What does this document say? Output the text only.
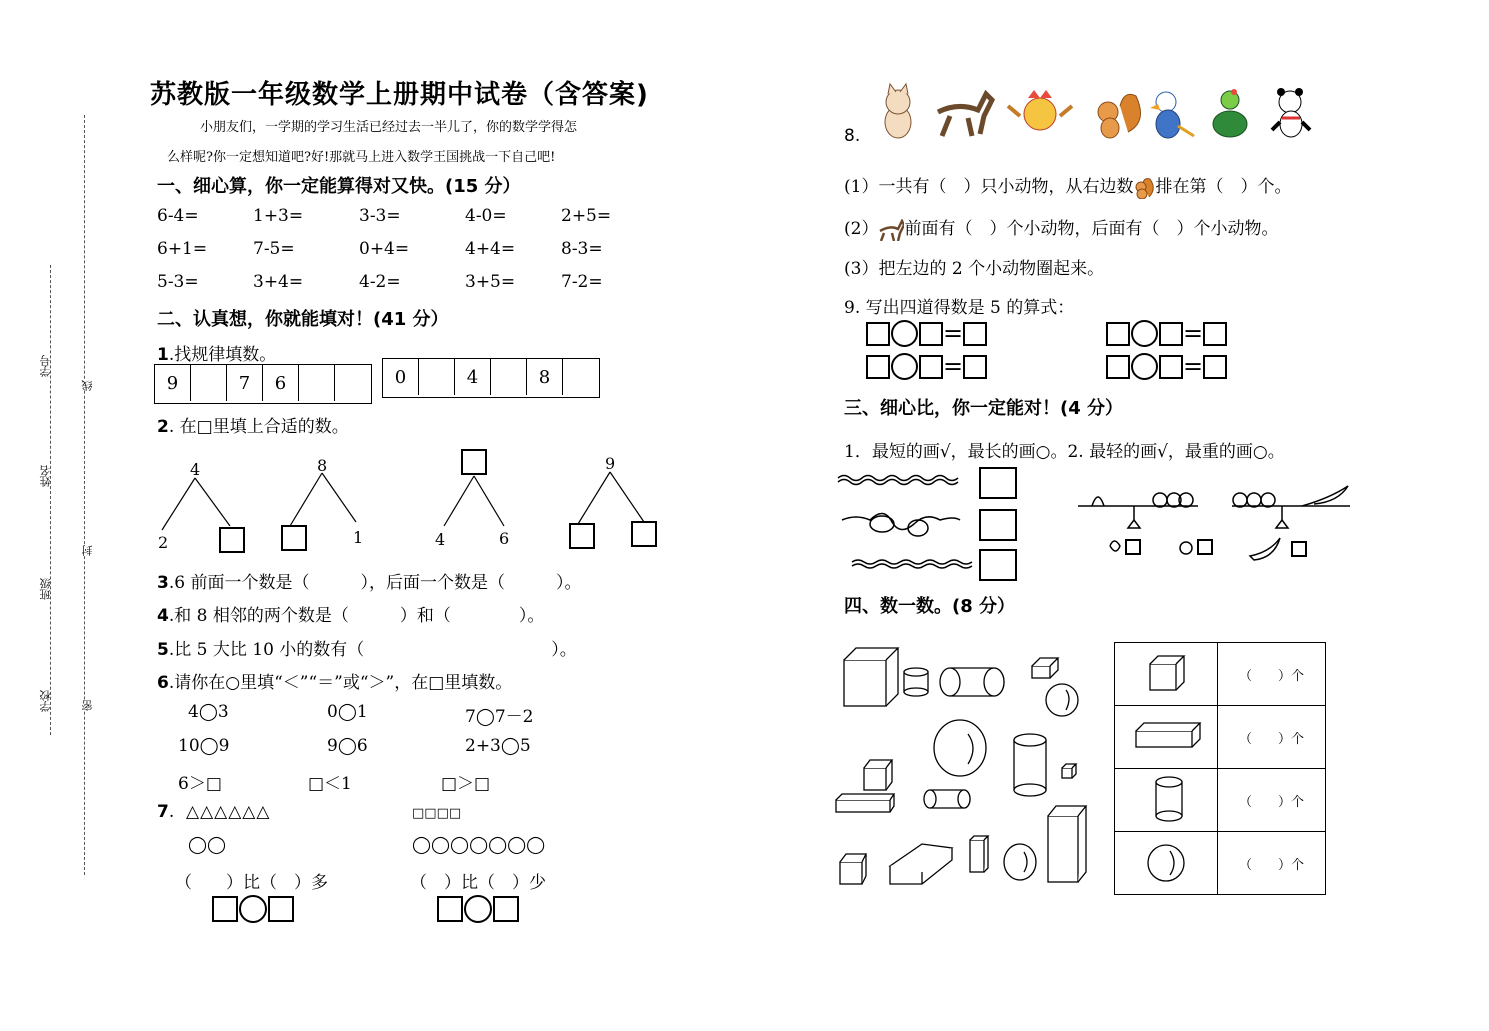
学号
姓名
班级
学校
线
封
密
苏教版一年级数学上册期中试卷（含答案)
小朋友们，一学期的学习生活已经过去一半儿了，你的数学学得怎
么样呢?你一定想知道吧?好!那就马上进入数学王国挑战一下自己吧!
一、细心算，你一定能算得对又快。(15 分）
6-4=	1+3=	3-3=	4-0=	2+5=
6+1=	7-5=	0+4=	4+4=	8-3=
5-3=	3+4=	4-2=	3+5=	7-2=
二、认真想，你就能填对！(41 分）
1.找规律填数。
9	7	6	0	4	8
2. 在□里填上合适的数。
4
2
8
1	4	6
9
3.6 前面一个数是（　　　），后面一个数是（　　　）。
4.和 8 相邻的两个数是（　　　）和（　　　　）。
5.比 5 大比 10 小的数有（　　　　　　　　　　　）。
6.请你在○里填“＜”“＝”或“＞”，在□里填数。
4◯3	0◯1	7◯7－2
10◯9	9◯6	2+3◯5
6＞□	□＜1	□＞□
7. △△△△△△	□□□□
◯◯	◯◯◯◯◯◯◯
（　　）比（　）多	（　）比（　）少
8.
(1）一共有（　）只小动物，从右边数 排在第（　）个。
(2） 前面有（　）个小动物，后面有（　）个小动物。
(3）把左边的 2 个小动物圈起来。
9. 写出四道得数是 5 的算式：
=	=
=	=
三、细心比，你一定能对！(4 分）
1．最短的画√，最长的画○。2. 最轻的画√，最重的画○。
四、数一数。(8 分）
	（　　）个
	（　　）个
	（　　）个
	（　　）个
